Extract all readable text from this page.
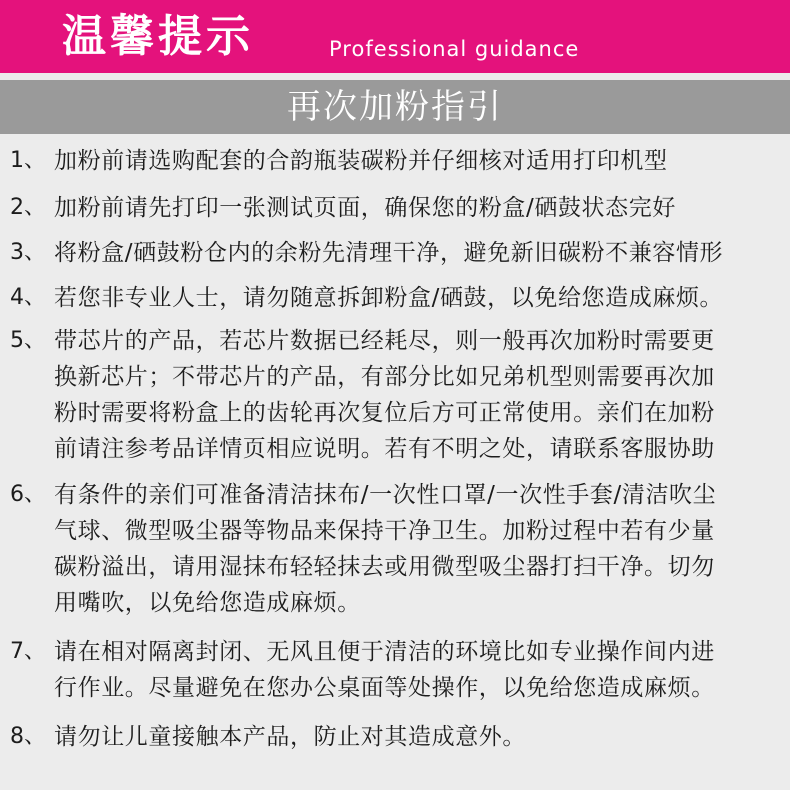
温馨提示	Professional guidance
再次加粉指引
1、 加粉前请选购配套的合韵瓶装碳粉并仔细核对适用打印机型
2、 加粉前请先打印一张测试页面，确保您的粉盒/硒鼓状态完好
3、 将粉盒/硒鼓粉仓内的余粉先清理干净，避免新旧碳粉不兼容情形
4、 若您非专业人士，请勿随意拆卸粉盒/硒鼓，以免给您造成麻烦。
5、 带芯片的产品，若芯片数据已经耗尽，则一般再次加粉时需要更
换新芯片；不带芯片的产品，有部分比如兄弟机型则需要再次加
粉时需要将粉盒上的齿轮再次复位后方可正常使用。亲们在加粉
前请注参考品详情页相应说明。若有不明之处，请联系客服协助
6、 有条件的亲们可准备清洁抹布/一次性口罩/一次性手套/清洁吹尘
气球、微型吸尘器等物品来保持干净卫生。加粉过程中若有少量
碳粉溢出，请用湿抹布轻轻抹去或用微型吸尘器打扫干净。切勿
用嘴吹，以免给您造成麻烦。
7、 请在相对隔离封闭、无风且便于清洁的环境比如专业操作间内进
行作业。尽量避免在您办公桌面等处操作，以免给您造成麻烦。
8、 请勿让儿童接触本产品，防止对其造成意外。
